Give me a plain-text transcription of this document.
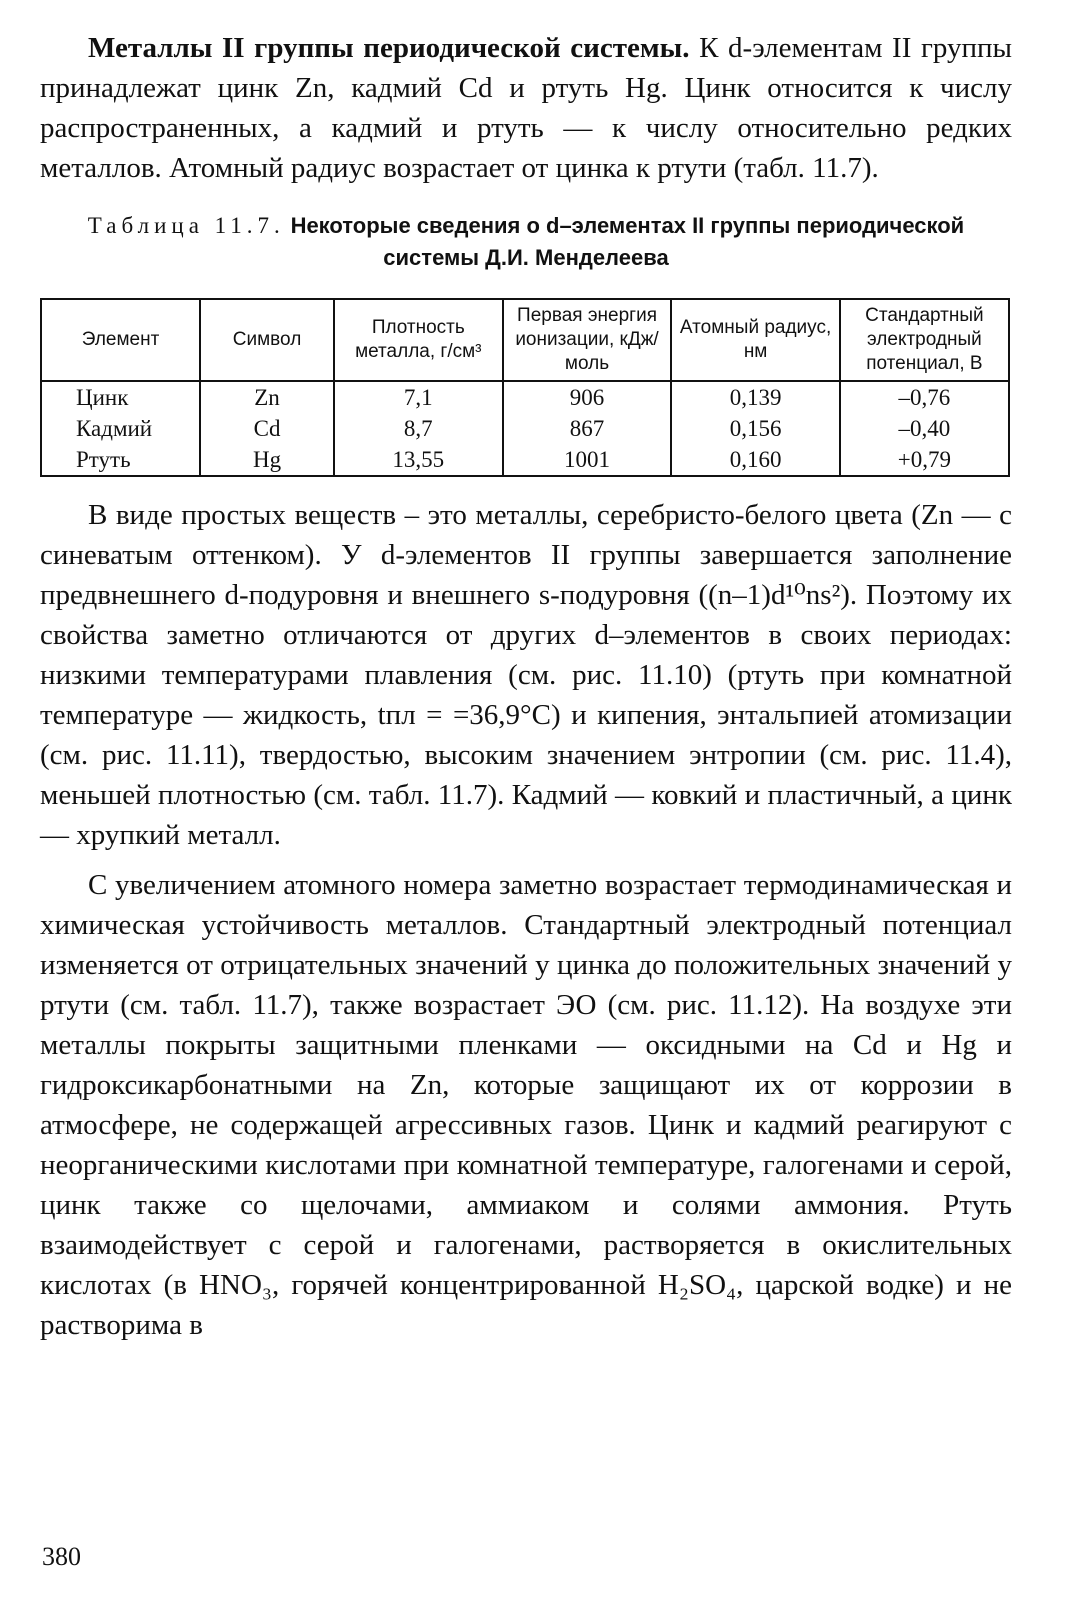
Металлы II группы периодической системы. К d-элементам II группы принадлежат цинк Zn, кадмий Cd и ртуть Hg. Цинк относится к числу распространенных, а кадмий и ртуть — к числу относительно редких металлов. Атомный радиус возрастает от цинка к ртути (табл. 11.7).

Таблица 11.7. Некоторые сведения о d–элементах II группы периодической системы Д.И. Менделеева
Элемент	Символ	Плотность металла, г/см³	Первая энергия ионизации, кДж/моль	Атомный радиус, нм	Стандартный электродный потенциал, В
Цинк	Zn	7,1	906	0,139	–0,76
Кадмий	Cd	8,7	867	0,156	–0,40
Ртуть	Hg	13,55	1001	0,160	+0,79

В виде простых веществ – это металлы, серебристо-белого цвета (Zn — с синеватым оттенком). У d-элементов II группы завершается заполнение предвнешнего d-подуровня и внешнего s-подуровня ((n–1)d¹⁰ns²). Поэтому их свойства заметно отличаются от других d–элементов в своих периодах: низкими температурами плавления (см. рис. 11.10) (ртуть при комнатной температуре — жидкость, tпл = =36,9°С) и кипения, энтальпией атомизации (см. рис. 11.11), твердостью, высоким значением энтропии (см. рис. 11.4), меньшей плотностью (см. табл. 11.7). Кадмий — ковкий и пластичный, а цинк — хрупкий металл.

С увеличением атомного номера заметно возрастает термодинамическая и химическая устойчивость металлов. Стандартный электродный потенциал изменяется от отрицательных значений у цинка до положительных значений у ртути (см. табл. 11.7), также возрастает ЭО (см. рис. 11.12). На воздухе эти металлы покрыты защитными пленками — оксидными на Cd и Hg и гидроксикарбонатными на Zn, которые защищают их от коррозии в атмосфере, не содержащей агрессивных газов. Цинк и кадмий реагируют с неорганическими кислотами при комнатной температуре, галогенами и серой, цинк также со щелочами, аммиаком и солями аммония. Ртуть взаимодействует с серой и галогенами, растворяется в окислительных кислотах (в HNO₃, горячей концентрированной H₂SO₄, царской водке) и не растворима в

380
